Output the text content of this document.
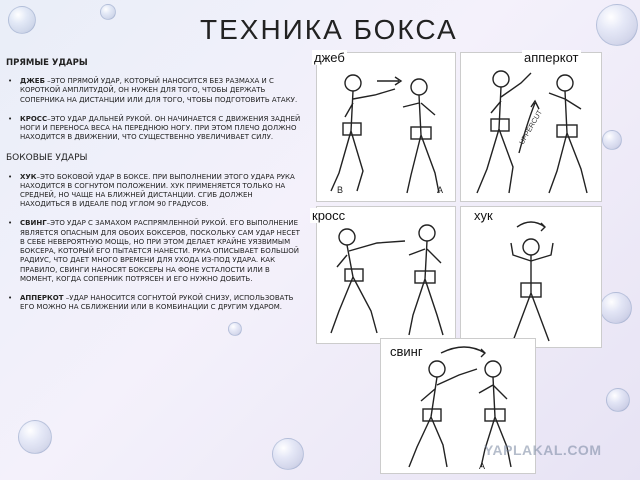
ТЕХНИКА БОКСА
ПРЯМЫЕ УДАРЫ
• ДЖЕБ –ЭТО ПРЯМОЙ УДАР, КОТОРЫЙ НАНОСИТСЯ БЕЗ РАЗМАХА И С КОРОТКОЙ АМПЛИТУДОЙ, ОН НУЖЕН ДЛЯ ТОГО, ЧТОБЫ ДЕРЖАТЬ СОПЕРНИКА НА ДИСТАНЦИИ ИЛИ ДЛЯ ТОГО, ЧТОБЫ ПОДГОТОВИТЬ АТАКУ.
• КРОСС–ЭТО УДАР ДАЛЬНЕЙ РУКОЙ. ОН НАЧИНАЕТСЯ С ДВИЖЕНИЯ ЗАДНЕЙ НОГИ И ПЕРЕНОСА ВЕСА НА ПЕРЕДНЮЮ НОГУ. ПРИ ЭТОМ ПЛЕЧО ДОЛЖНО НАХОДИТСЯ В ДВИЖЕНИИ, ЧТО СУЩЕСТВЕННО УВЕЛИЧИВАЕТ СИЛУ.
БОКОВЫЕ УДАРЫ
• ХУК–ЭТО БОКОВОЙ УДАР В БОКСЕ. ПРИ ВЫПОЛНЕНИИ ЭТОГО УДАРА РУКА НАХОДИТСЯ В СОГНУТОМ ПОЛОЖЕНИИ. ХУК ПРИМЕНЯЕТСЯ ТОЛЬКО НА СРЕДНЕЙ, НО ЧАЩЕ НА БЛИЖНЕЙ ДИСТАНЦИИ. СГИБ ДОЛЖЕН НАХОДИТЬСЯ В ИДЕАЛЕ ПОД УГЛОМ 90 ГРАДУСОВ.
• СВИНГ–ЭТО УДАР С ЗАМАХОМ РАСПРЯМЛЕННОЙ РУКОЙ. ЕГО ВЫПОЛНЕНИЕ ЯВЛЯЕТСЯ ОПАСНЫМ ДЛЯ ОБОИХ БОКСЕРОВ, ПОСКОЛЬКУ САМ УДАР НЕСЕТ В СЕБЕ НЕВЕРОЯТНУЮ МОЩЬ, НО ПРИ ЭТОМ ДЕЛАЕТ КРАЙНЕ УЯЗВИМЫМ БОКСЕРА, КОТОРЫЙ ЕГО ПЫТАЕТСЯ НАНЕСТИ. РУКА ОПИСЫВАЕТ БОЛЬШОЙ РАДИУС, ЧТО ДАЕТ МНОГО ВРЕМЕНИ ДЛЯ УХОДА ИЗ-ПОД УДАРА. КАК ПРАВИЛО, СВИНГИ НАНОСЯТ БОКСЕРЫ НА ФОНЕ УСТАЛОСТИ ИЛИ В МОМЕНТ, КОГДА СОПЕРНИК ПОТРЯСЕН И ЕГО НУЖНО ДОБИТЬ.
• АППЕРКОТ –УДАР НАНОСИТСЯ СОГНУТОЙ РУКОЙ СНИЗУ, ИСПОЛЬЗОВАТЬ ЕГО МОЖНО НА СБЛИЖЕНИИ ИЛИ В КОМБИНАЦИИ С ДРУГИМ УДАРОМ.
B	A
джеб
UPPERCUT
апперкот
кросс	хук
A
свинг
YAPLAKAL.COM
